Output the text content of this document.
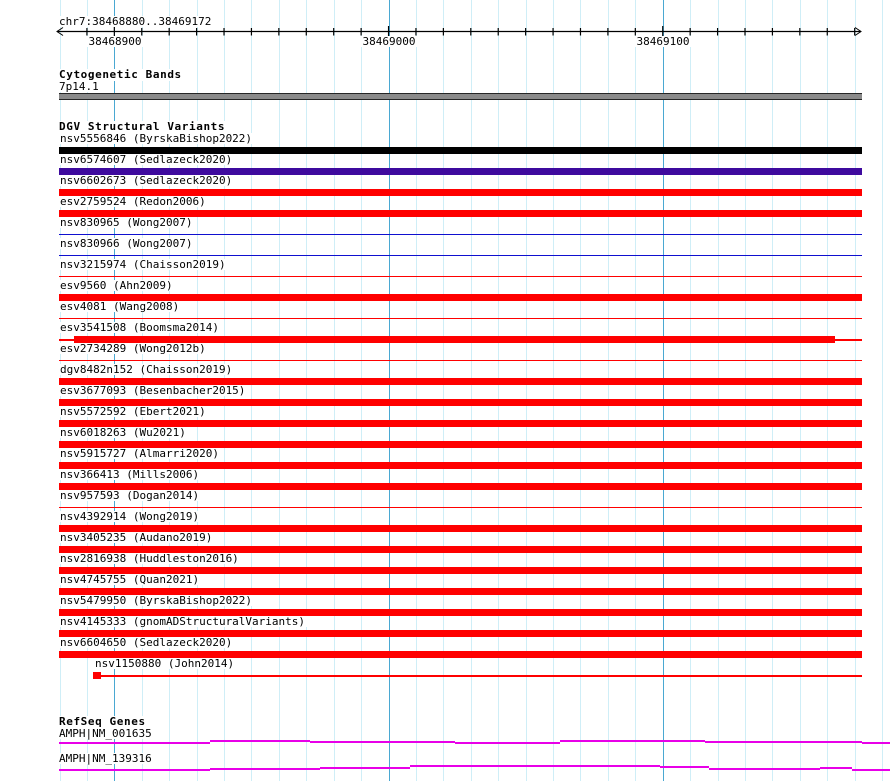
chr7:38468880..38469172
38468900	38469000	38469100
Cytogenetic Bands
7p14.1
DGV Structural Variants
nsv5556846 (ByrskaBishop2022)
nsv6574607 (Sedlazeck2020)
nsv6602673 (Sedlazeck2020)
esv2759524 (Redon2006)
nsv830965 (Wong2007)
nsv830966 (Wong2007)
nsv3215974 (Chaisson2019)
esv9560 (Ahn2009)
esv4081 (Wang2008)
esv3541508 (Boomsma2014)
esv2734289 (Wong2012b)
dgv8482n152 (Chaisson2019)
esv3677093 (Besenbacher2015)
nsv5572592 (Ebert2021)
nsv6018263 (Wu2021)
nsv5915727 (Almarri2020)
nsv366413 (Mills2006)
nsv957593 (Dogan2014)
nsv4392914 (Wong2019)
nsv3405235 (Audano2019)
nsv2816938 (Huddleston2016)
nsv4745755 (Quan2021)
nsv5479950 (ByrskaBishop2022)
nsv4145333 (gnomADStructuralVariants)
nsv6604650 (Sedlazeck2020)
nsv1150880 (John2014)
RefSeq Genes
AMPH|NM_001635
AMPH|NM_139316
